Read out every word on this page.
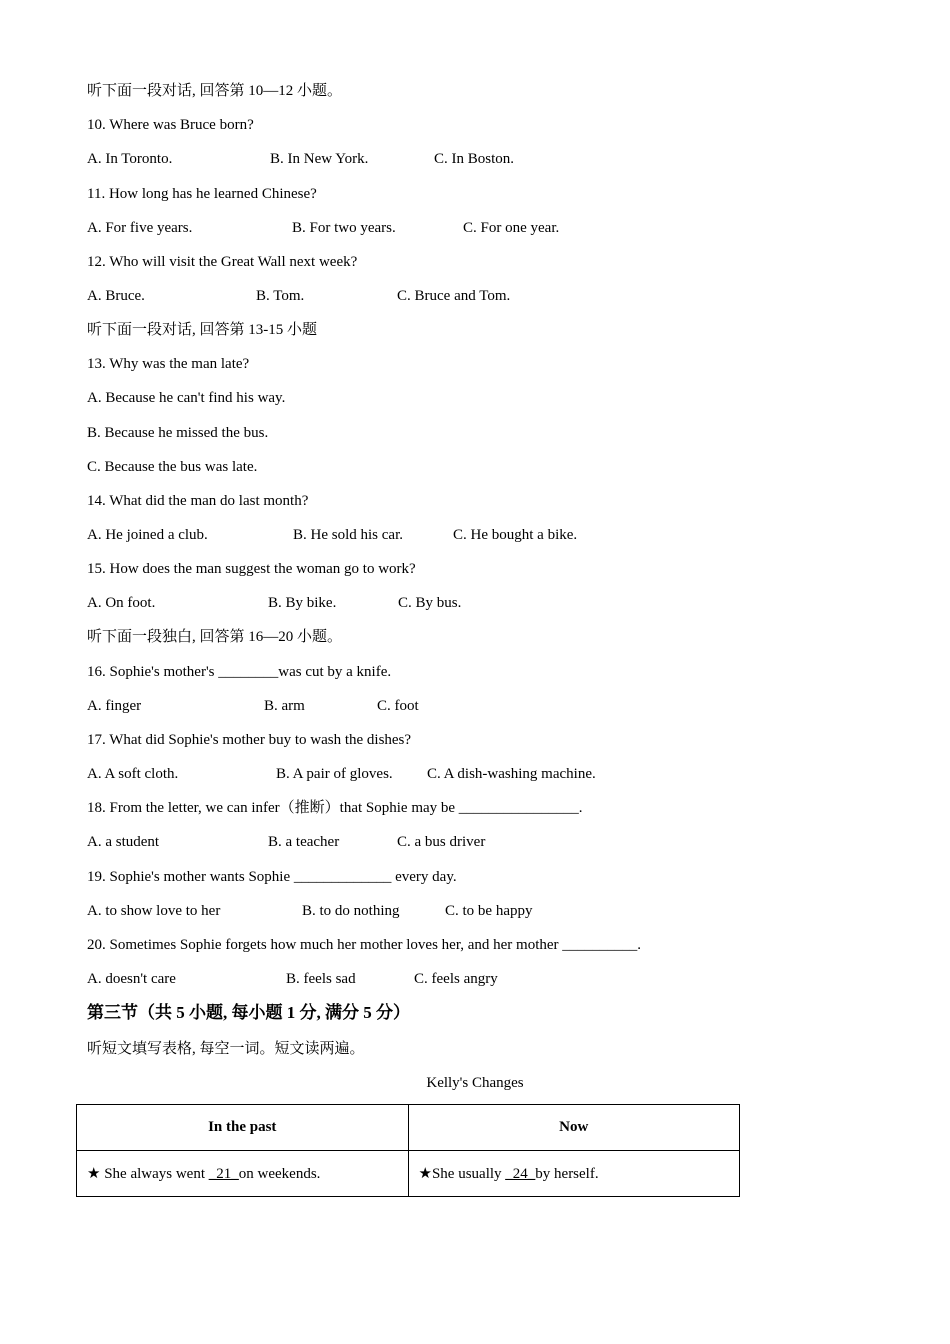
听下面一段对话, 回答第 10—12 小题。
10. Where was Bruce born?
A. In Toronto.	B. In New York.	C. In Boston.
11. How long has he learned Chinese?
A. For five years.	B. For two years.	C. For one year.
12. Who will visit the Great Wall next week?
A. Bruce.	B. Tom.	C. Bruce and Tom.
听下面一段对话, 回答第 13-15 小题
13. Why was the man late?
A. Because he can't find his way.
B. Because he missed the bus.
C. Because the bus was late.
14. What did the man do last month?
A. He joined a club.	B. He sold his car.	C. He bought a bike.
15. How does the man suggest the woman go to work?
A. On foot.	B. By bike.	C. By bus.
听下面一段独白, 回答第 16—20 小题。
16. Sophie's mother's ________was cut by a knife.
A. finger	B. arm	C. foot
17. What did Sophie's mother buy to wash the dishes?
A. A soft cloth.	B. A pair of gloves. C. A dish-washing machine.
18. From the letter, we can infer（推断）that Sophie may be ________________.
A. a student	B. a teacher	C. a bus driver
19. Sophie's mother wants Sophie _____________ every day.
A. to show love to her	B. to do nothing	C. to be happy
20. Sometimes Sophie forgets how much her mother loves her, and her mother __________.
A. doesn't care	B. feels sad	C. feels angry
第三节（共 5 小题, 每小题 1 分, 满分 5 分）
听短文填写表格, 每空一词。短文读两遍。
Kelly's Changes
In the past	Now
★ She always went _21_on weekends.	★She usually _24_by herself.
